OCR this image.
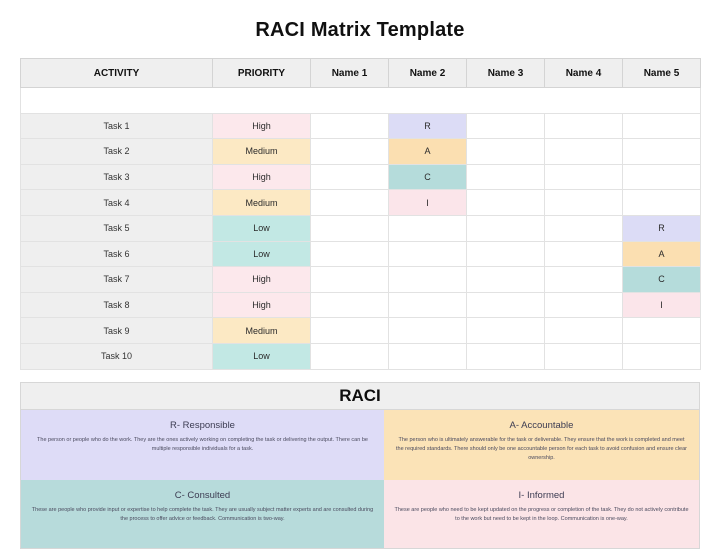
RACI Matrix Template
ACTIVITY	PRIORITY	Name 1	Name 2	Name 3	Name 4	Name 5

Task 1	High		R			
Task 2	Medium		A			
Task 3	High		C			
Task 4	Medium		I			
Task 5	Low					R
Task 6	Low					A
Task 7	High					C
Task 8	High					I
Task 9	Medium					
Task 10	Low					
RACI
R- Responsible
The person or people who do the work. They are the ones actively working on completing the task or delivering the output. There can be multiple responsible individuals for a task.
A- Accountable
The person who is ultimately answerable for the task or deliverable. They ensure that the work is completed and meet the required standards. There should only be one accountable person for each task to avoid confusion and ensure clear ownership.
C- Consulted
These are people who provide input or expertise to help complete the task. They are usually subject matter experts and are consulted during the process to offer advice or feedback. Communication is two-way.
I- Informed
These are people who need to be kept updated on the progress or completion of the task. They do not actively contribute to the work but need to be kept in the loop. Communication is one-way.
